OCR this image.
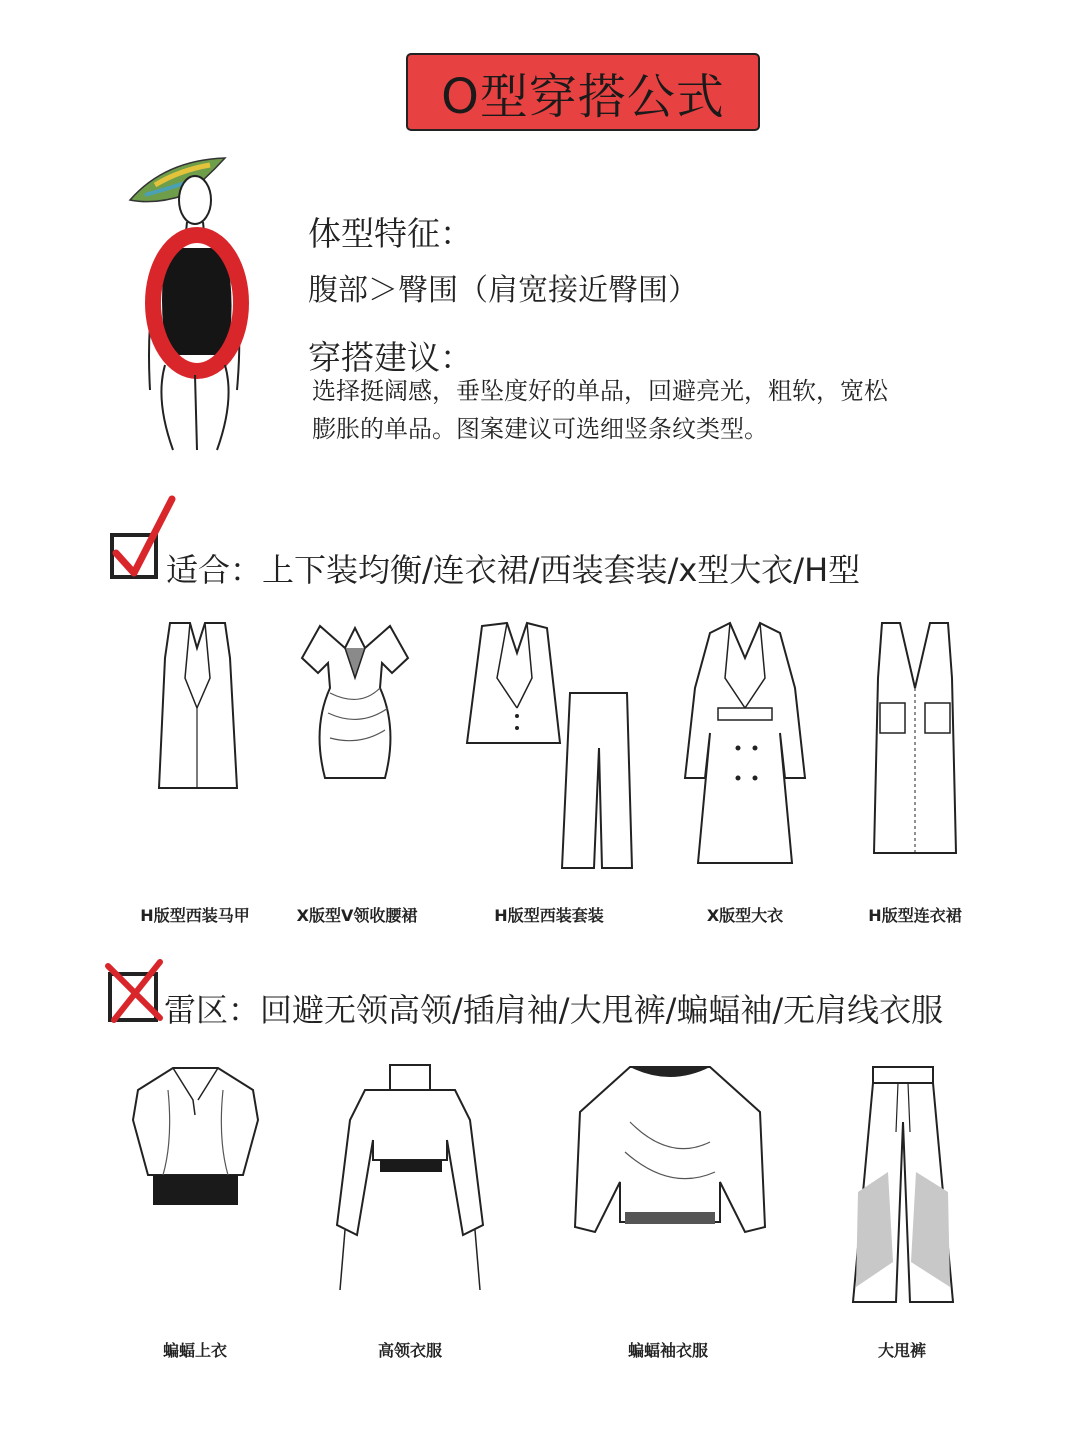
O型穿搭公式
体型特征：
腹部＞臀围（肩宽接近臀围）
穿搭建议：
选择挺阔感，垂坠度好的单品，回避亮光，粗软，宽松
膨胀的单品。图案建议可选细竖条纹类型。
适合：上下装均衡/连衣裙/西装套装/x型大衣/H型
H版型西装马甲	X版型V领收腰裙	H版型西装套装	X版型大衣	H版型连衣裙
雷区：回避无领高领/插肩袖/大甩裤/蝙蝠袖/无肩线衣服
蝙蝠上衣	高领衣服	蝙蝠袖衣服	大甩裤
